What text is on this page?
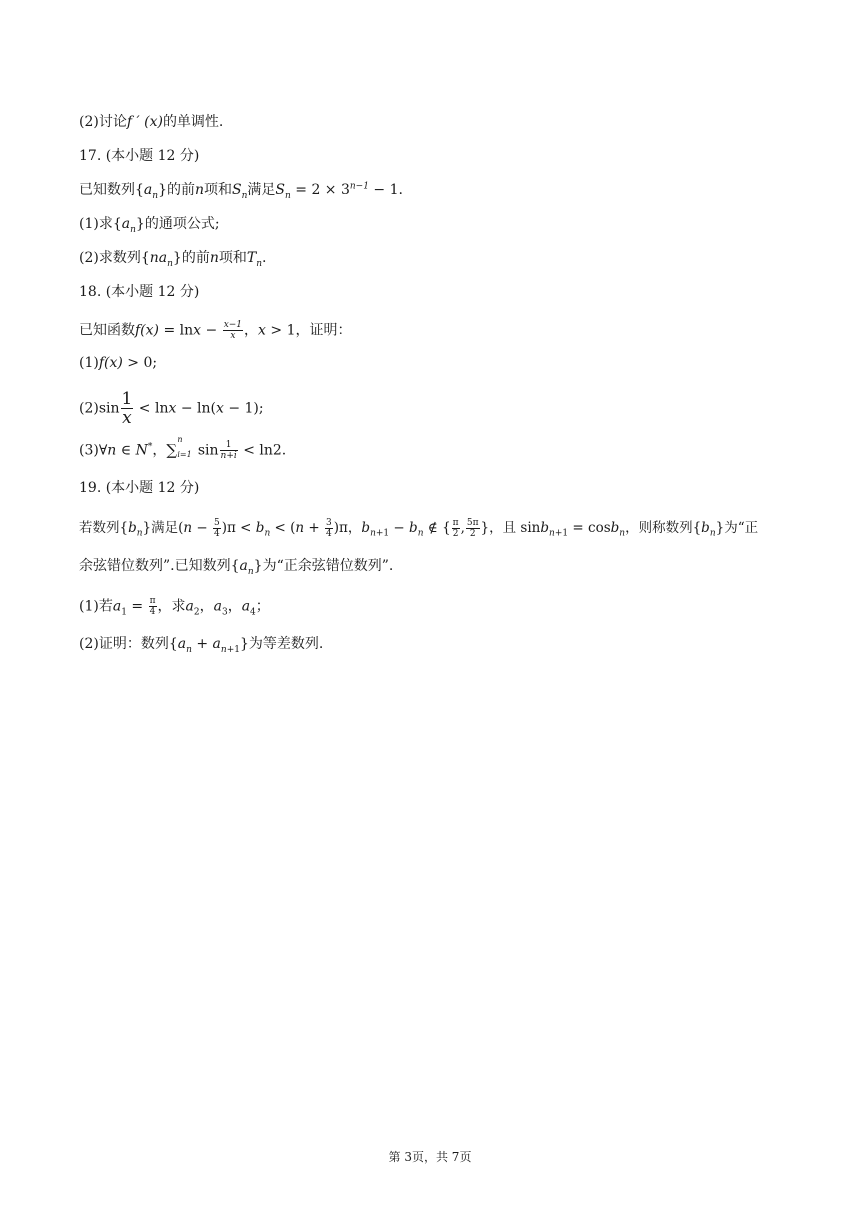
(2)讨论f ′ (x)的单调性.
17. (本小题 12 分)
已知数列$\{a_n\}$的前n项和$S_n$满足$S_n = 2 \times 3^{n-1} - 1$.
(1)求$\{a_n\}$的通项公式;
(2)求数列$\{na_n\}$的前n项和$T_n$.
18. (本小题 12 分)
已知函数$f(x) = \ln x - \frac{x-1}{x}$ ，x > 1，证明：
(1)f(x) > 0;
$(2)\sin \frac{1}{x} < \ln x - \ln(x - 1)$;
(3)∀n ∈ N*，∑
n
i=1 $\sin \frac{1}{n+i} < \ln 2$.
19. (本小题 12 分)
若数列$\{b_n\}$满足$(n - \frac{5}{4} )\pi < b_n < (n + \frac{3}{4} )\pi$，$b_{n+1} - b_n$ ∉ { $\frac{\pi}{2}$ , $\frac{5\pi}{2}$ }，且 sinb$_{n+1}$ = cosb$_n$，则称数列$\{b_n\}$为“正
余弦错位数列”.已知数列$\{a_n\}$为“正余弦错位数列”.
(1)若$a_1 = \frac{\pi}{4}$ ，求$a_2$，$a_3$，$a_4$；
(2)证明：数列$\{a_n + a_{n+1}\}$为等差数列.
第 3页，共 7页
